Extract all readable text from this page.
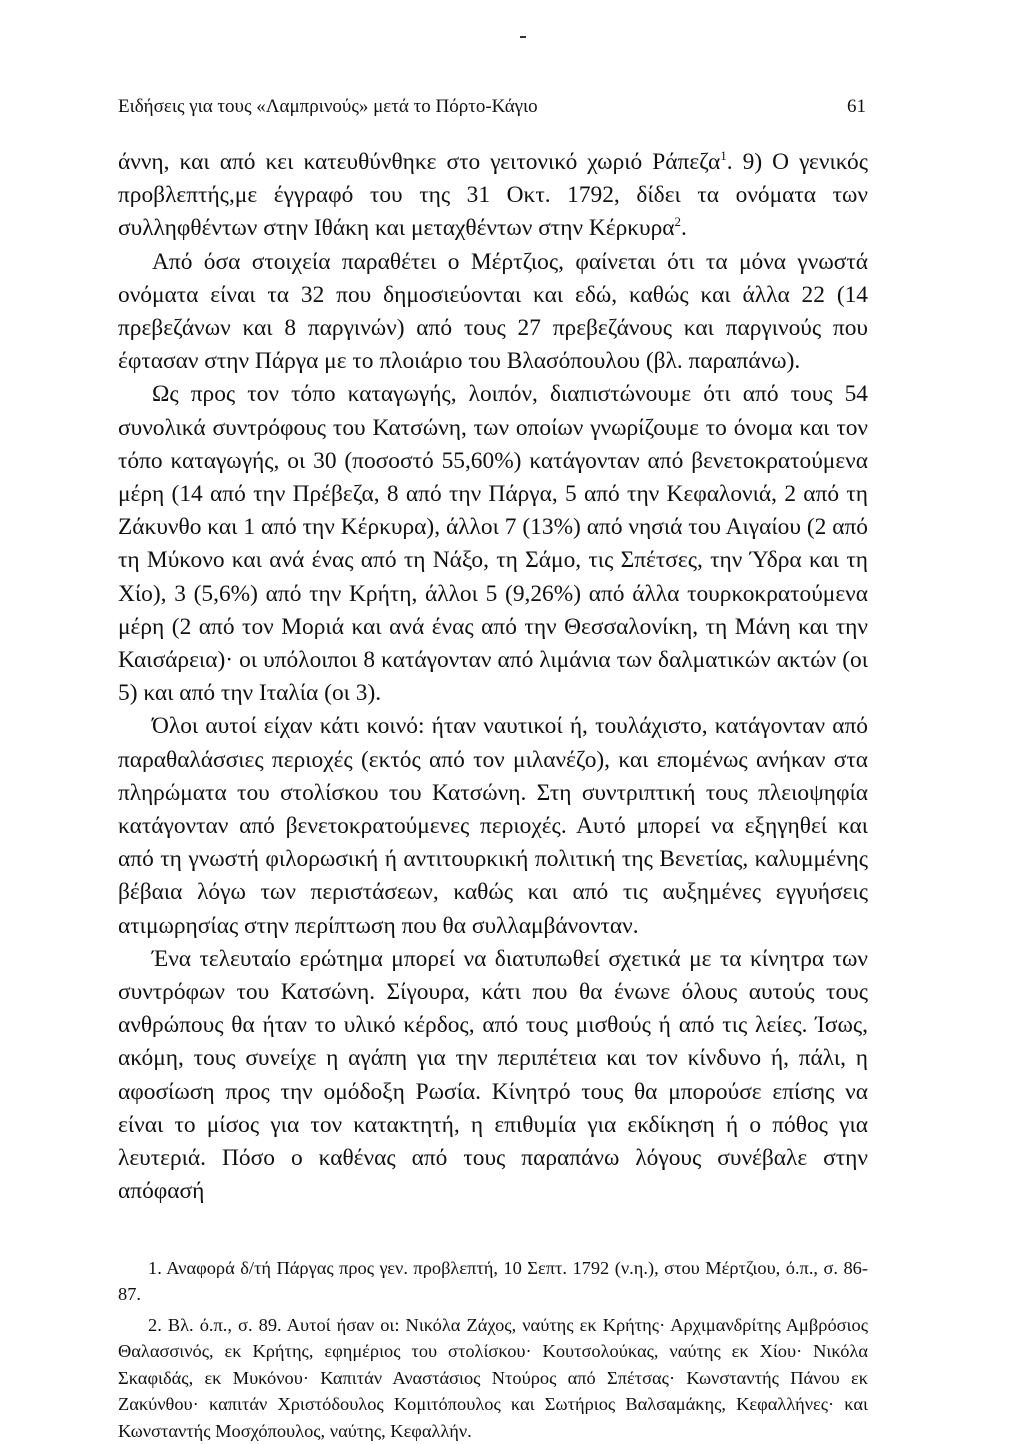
Ειδήσεις για τους «Λαμπρινούς» μετά το Πόρτο-Κάγιο	61

άννη, και από κει κατευθύνθηκε στο γειτονικό χωριό Ράπεζα$^1$. 9) Ο γενικός προβλεπτής,με έγγραφό του της 31 Οκτ. 1792, δίδει τα ονόματα των συλληφθέντων στην Ιθάκη και μεταχθέντων στην Κέρκυρα$^2$.

Από όσα στοιχεία παραθέτει ο Μέρτζιος, φαίνεται ότι τα μόνα γνωστά ονόματα είναι τα 32 που δημοσιεύονται και εδώ, καθώς και άλλα 22 (14 πρεβεζάνων και 8 παργινών) από τους 27 πρεβεζάνους και παργινούς που έφτασαν στην Πάργα με το πλοιάριο του Βλασόπουλου (βλ. παραπάνω).

Ως προς τον τόπο καταγωγής, λοιπόν, διαπιστώνουμε ότι από τους 54 συνολικά συντρόφους του Κατσώνη, των οποίων γνωρίζουμε το όνομα και τον τόπο καταγωγής, οι 30 (ποσοστό 55,60%) κατάγονταν από βενετοκρατούμενα μέρη (14 από την Πρέβεζα, 8 από την Πάργα, 5 από την Κεφαλονιά, 2 από τη Ζάκυνθο και 1 από την Κέρκυρα), άλλοι 7 (13%) από νησιά του Αιγαίου (2 από τη Μύκονο και ανά ένας από τη Νάξο, τη Σάμο, τις Σπέτσες, την Ύδρα και τη Χίο), 3 (5,6%) από την Κρήτη, άλλοι 5 (9,26%) από άλλα τουρκοκρατούμενα μέρη (2 από τον Μοριά και ανά ένας από την Θεσσαλονίκη, τη Μάνη και την Καισάρεια)· οι υπόλοιποι 8 κατάγονταν από λιμάνια των δαλματικών ακτών (οι 5) και από την Ιταλία (οι 3).

Όλοι αυτοί είχαν κάτι κοινό: ήταν ναυτικοί ή, τουλάχιστο, κατάγονταν από παραθαλάσσιες περιοχές (εκτός από τον μιλανέζο), και επομένως ανήκαν στα πληρώματα του στολίσκου του Κατσώνη. Στη συντριπτική τους πλειοψηφία κατάγονταν από βενετοκρατούμενες περιοχές. Αυτό μπορεί να εξηγηθεί και από τη γνωστή φιλορωσική ή αντιτουρκική πολιτική της Βενετίας, καλυμμένης βέβαια λόγω των περιστάσεων, καθώς και από τις αυξημένες εγγυήσεις ατιμωρησίας στην περίπτωση που θα συλλαμβάνονταν.

Ένα τελευταίο ερώτημα μπορεί να διατυπωθεί σχετικά με τα κίνητρα των συντρόφων του Κατσώνη. Σίγουρα, κάτι που θα ένωνε όλους αυτούς τους ανθρώπους θα ήταν το υλικό κέρδος, από τους μισθούς ή από τις λείες. Ίσως, ακόμη, τους συνείχε η αγάπη για την περιπέτεια και τον κίνδυνο ή, πάλι, η αφοσίωση προς την ομόδοξη Ρωσία. Κίνητρό τους θα μπορούσε επίσης να είναι το μίσος για τον κατακτητή, η επιθυμία για εκδίκηση ή ο πόθος για λευτεριά. Πόσο ο καθένας από τους παραπάνω λόγους συνέβαλε στην απόφασή

1. Αναφορά δ/τή Πάργας προς γεν. προβλεπτή, 10 Σεπτ. 1792 (ν.η.), στου Μέρτζιου, ό.π., σ. 86-87.

2. Βλ. ό.π., σ. 89. Αυτοί ήσαν οι: Νικόλα Ζάχος, ναύτης εκ Κρήτης· Αρχιμανδρίτης Αμβρόσιος Θαλασσινός, εκ Κρήτης, εφημέριος του στολίσκου· Κουτσολούκας, ναύτης εκ Χίου· Νικόλα Σκαφιδάς, εκ Μυκόνου· Καπιτάν Αναστάσιος Ντούρος από Σπέτσας· Κωνσταντής Πάνου εκ Ζακύνθου· καπιτάν Χριστόδουλος Κομιτόπουλος και Σωτήριος Βαλσαμάκης, Κεφαλλήνες· και Κωνσταντής Μοσχόπουλος, ναύτης, Κεφαλλήν.
